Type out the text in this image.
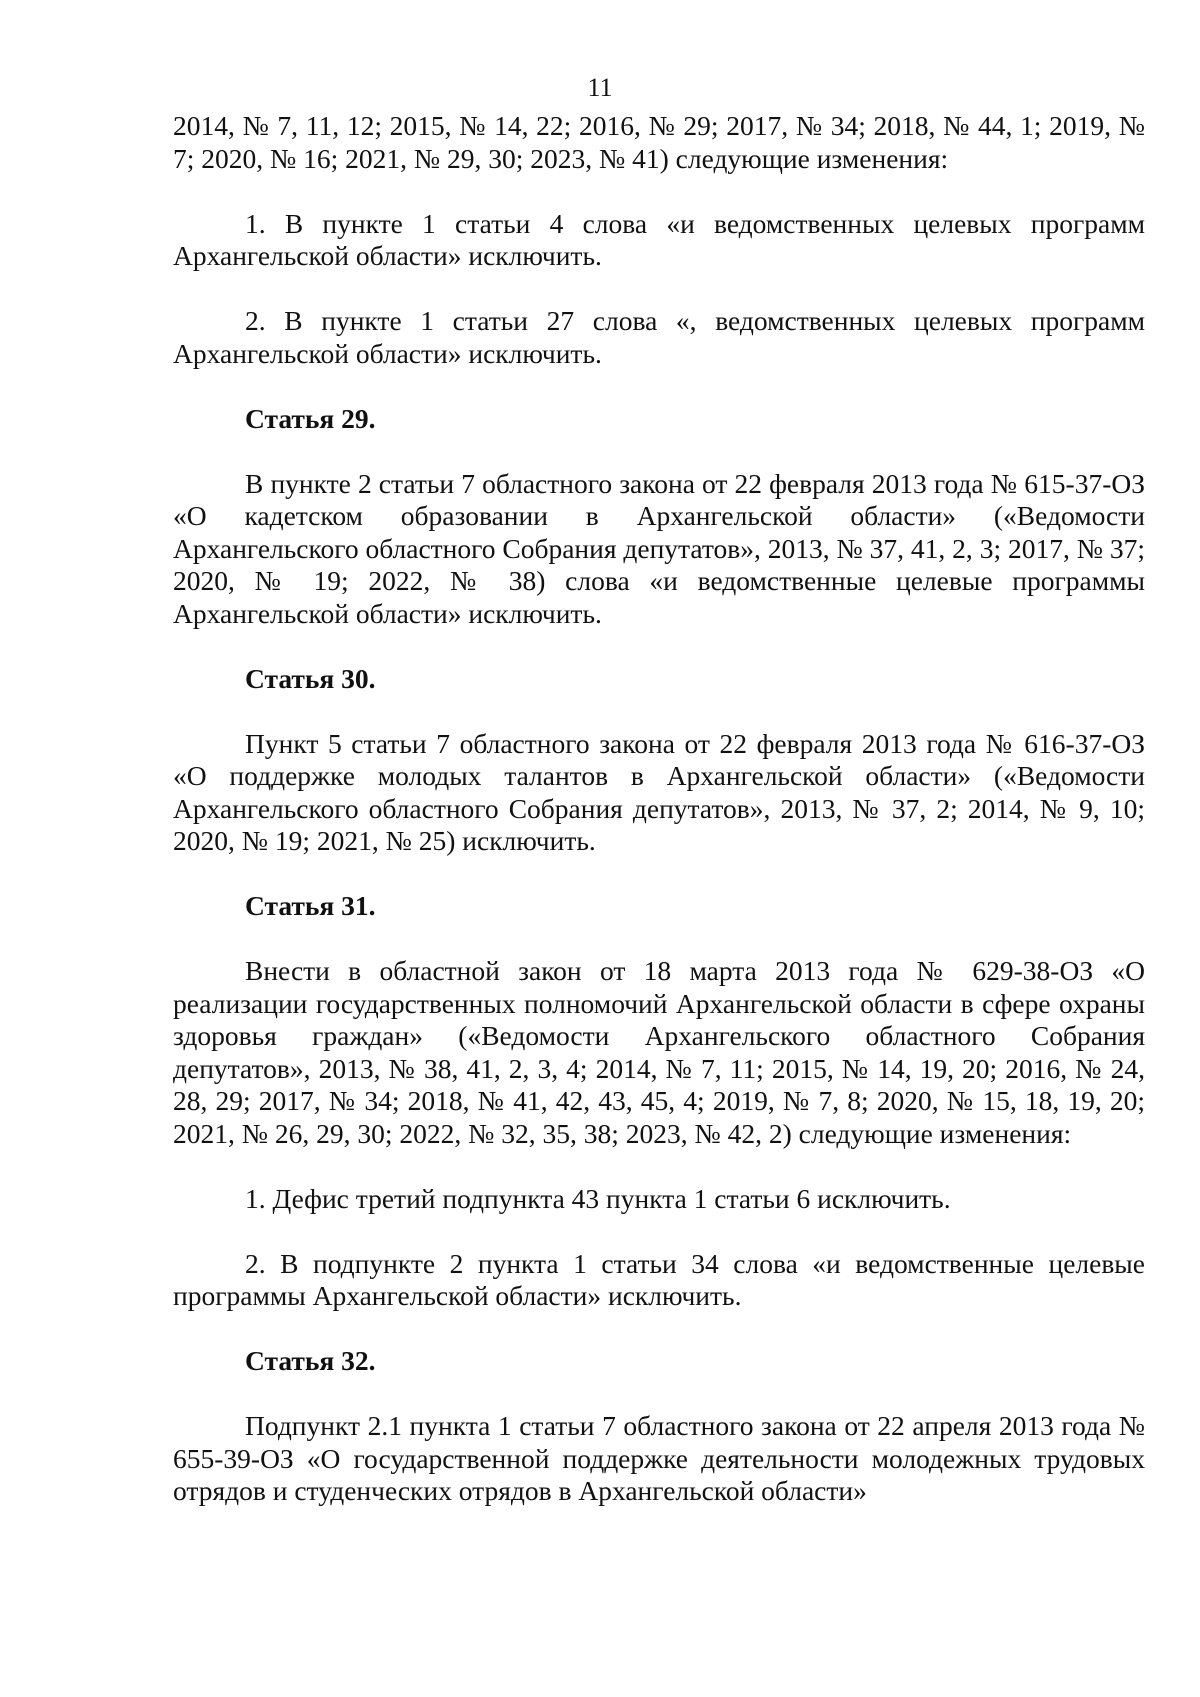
11

2014, № 7, 11, 12; 2015, № 14, 22; 2016, № 29; 2017, № 34; 2018, № 44, 1; 2019, № 7; 2020, № 16; 2021, № 29, 30; 2023, № 41) следующие изменения:

1. В пункте 1 статьи 4 слова «и ведомственных целевых программ Архангельской области» исключить.

2. В пункте 1 статьи 27 слова «, ведомственных целевых программ Архангельской области» исключить.

Статья 29.

В пункте 2 статьи 7 областного закона от 22 февраля 2013 года № 615-37-ОЗ «О кадетском образовании в Архангельской области» («Ведомости Архангельского областного Собрания депутатов», 2013, № 37, 41, 2, 3; 2017, № 37; 2020, № 19; 2022, № 38) слова «и ведомственные целевые программы Архангельской области» исключить.

Статья 30.

Пункт 5 статьи 7 областного закона от 22 февраля 2013 года № 616-37-ОЗ «О поддержке молодых талантов в Архангельской области» («Ведомости Архангельского областного Собрания депутатов», 2013, № 37, 2; 2014, № 9, 10; 2020, № 19; 2021, № 25) исключить.

Статья 31.

Внести в областной закон от 18 марта 2013 года № 629-38-ОЗ «О реализации государственных полномочий Архангельской области в сфере охраны здоровья граждан» («Ведомости Архангельского областного Собрания депутатов», 2013, № 38, 41, 2, 3, 4; 2014, № 7, 11; 2015, № 14, 19, 20; 2016, № 24, 28, 29; 2017, № 34; 2018, № 41, 42, 43, 45, 4; 2019, № 7, 8; 2020, № 15, 18, 19, 20; 2021, № 26, 29, 30; 2022, № 32, 35, 38; 2023, № 42, 2) следующие изменения:

1. Дефис третий подпункта 43 пункта 1 статьи 6 исключить.

2. В подпункте 2 пункта 1 статьи 34 слова «и ведомственные целевые программы Архангельской области» исключить.

Статья 32.

Подпункт 2.1 пункта 1 статьи 7 областного закона от 22 апреля 2013 года № 655-39-ОЗ «О государственной поддержке деятельности молодежных трудовых отрядов и студенческих отрядов в Архангельской области»
